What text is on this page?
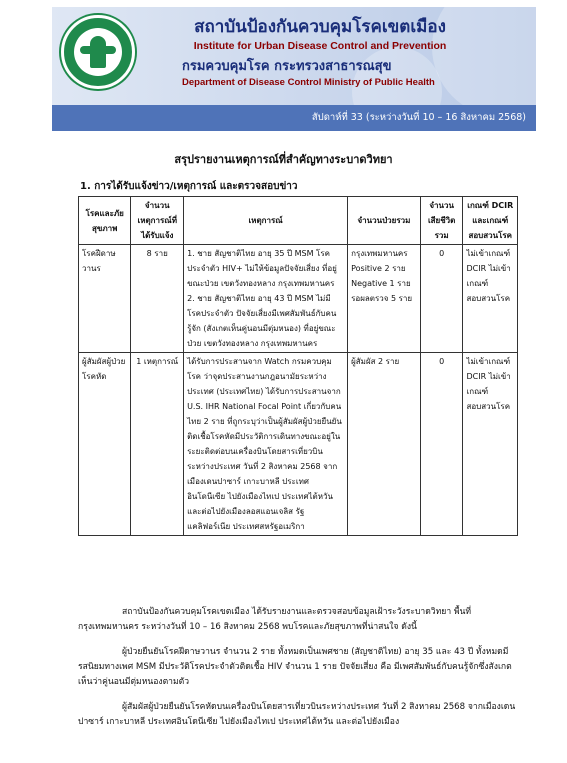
สถาบันป้องกันควบคุมโรคเขตเมือง
Institute for Urban Disease Control and Prevention
กรมควบคุมโรค กระทรวงสาธารณสุข
Department of Disease Control Ministry of Public Health
สัปดาห์ที่ 33 (ระหว่างวันที่ 10 – 16 สิงหาคม 2568)
สรุปรายงานเหตุการณ์ที่สำคัญทางระบาดวิทยา
1. การได้รับแจ้งข่าว/เหตุการณ์ และตรวจสอบข่าว
โรคและภัยสุขภาพ	จำนวนเหตุการณ์ที่ได้รับแจ้ง	เหตุการณ์	จำนวนป่วยรวม	จำนวนเสียชีวิตรวม	เกณฑ์ DCIR และเกณฑ์สอบสวนโรค
โรคฝีดาษวานร	8 ราย	1. ชาย สัญชาติไทย อายุ 35 ปี MSM โรคประจำตัว HIV+ ไม่ให้ข้อมูลปัจจัยเสี่ยง ที่อยู่ขณะป่วย เขตวังทองหลาง กรุงเทพมหานคร 2. ชาย สัญชาติไทย อายุ 43 ปี MSM ไม่มีโรคประจำตัว ปัจจัยเสี่ยงมีเพศสัมพันธ์กับคนรู้จัก (สังเกตเห็นคู่นอนมีตุ่มหนอง) ที่อยู่ขณะป่วย เขตวังทองหลาง กรุงเทพมหานคร	กรุงเทพมหานคร Positive 2 ราย Negative 1 ราย รอผลตรวจ 5 ราย	0	ไม่เข้าเกณฑ์ DCIR ไม่เข้าเกณฑ์สอบสวนโรค
ผู้สัมผัสผู้ป่วยโรคหัด	1 เหตุการณ์	ได้รับการประสานจาก Watch กรมควบคุมโรค ว่าจุดประสานงานกฎอนามัยระหว่างประเทศ (ประเทศไทย) ได้รับการประสานจาก U.S. IHR National Focal Point เกี่ยวกับคนไทย 2 ราย ที่ถูกระบุว่าเป็นผู้สัมผัสผู้ป่วยยืนยันติดเชื้อโรคหัดมีประวัติการเดินทางขณะอยู่ในระยะติดต่อบนเครื่องบินโดยสารเที่ยวบินระหว่างประเทศ วันที่ 2 สิงหาคม 2568 จากเมืองเดนปาซาร์ เกาะบาหลี ประเทศอินโดนีเซีย ไปยังเมืองไทเป ประเทศไต้หวัน และต่อไปยังเมืองลอสแอนเจลิส รัฐแคลิฟอร์เนีย ประเทศสหรัฐอเมริกา	ผู้สัมผัส 2 ราย	0	ไม่เข้าเกณฑ์ DCIR ไม่เข้าเกณฑ์สอบสวนโรค
สถาบันป้องกันควบคุมโรคเขตเมือง ได้รับรายงานและตรวจสอบข้อมูลเฝ้าระวังระบาดวิทยา พื้นที่กรุงเทพมหานคร ระหว่างวันที่ 10 – 16 สิงหาคม 2568 พบโรคและภัยสุขภาพที่น่าสนใจ ดังนี้
ผู้ป่วยยืนยันโรคฝีดาษวานร จำนวน 2 ราย ทั้งหมดเป็นเพศชาย (สัญชาติไทย) อายุ 35 และ 43 ปี ทั้งหมดมีรสนิยมทางเพศ MSM มีประวัติโรคประจำตัวติดเชื้อ HIV จำนวน 1 ราย ปัจจัยเสี่ยง คือ มีเพศสัมพันธ์กับคนรู้จักซึ่งสังเกตเห็นว่าคู่นอนมีตุ่มหนองตามตัว
ผู้สัมผัสผู้ป่วยยืนยันโรคหัดบนเครื่องบินโดยสารเที่ยวบินระหว่างประเทศ วันที่ 2 สิงหาคม 2568 จากเมืองเดนปาซาร์ เกาะบาหลี ประเทศอินโดนีเซีย ไปยังเมืองไทเป ประเทศไต้หวัน และต่อไปยังเมือง
